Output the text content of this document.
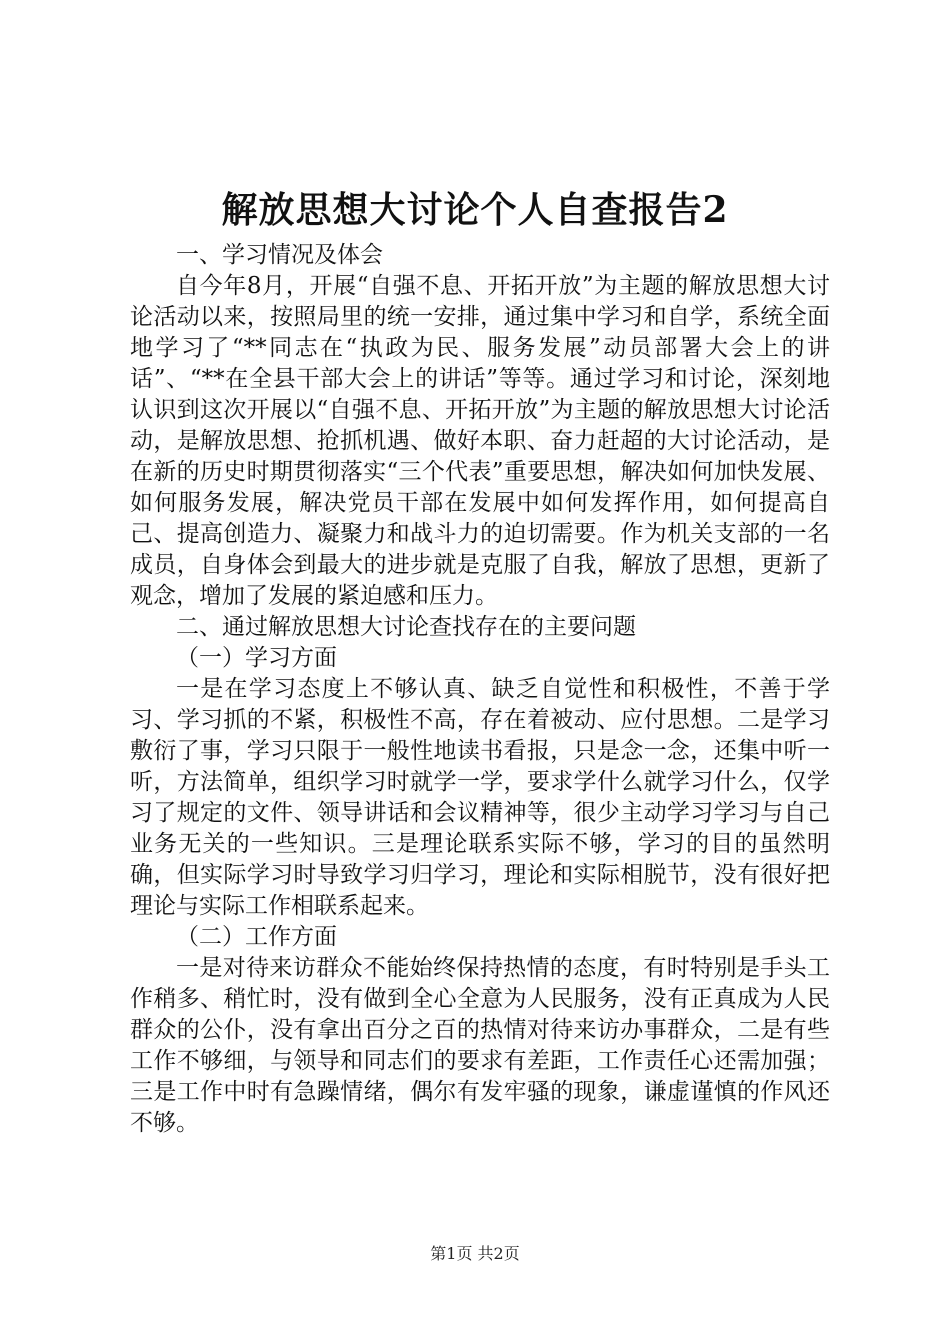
解放思想大讨论个人自查报告2

一、学习情况及体会

自今年8月，开展“自强不息、开拓开放”为主题的解放思想大讨论活动以来，按照局里的统一安排，通过集中学习和自学，系统全面地学习了“**同志在“执政为民、服务发展”动员部署大会上的讲话”、“**在全县干部大会上的讲话”等等。通过学习和讨论，深刻地认识到这次开展以“自强不息、开拓开放”为主题的解放思想大讨论活动，是解放思想、抢抓机遇、做好本职、奋力赶超的大讨论活动，是在新的历史时期贯彻落实“三个代表”重要思想，解决如何加快发展、如何服务发展，解决党员干部在发展中如何发挥作用，如何提高自己、提高创造力、凝聚力和战斗力的迫切需要。作为机关支部的一名成员，自身体会到最大的进步就是克服了自我，解放了思想，更新了观念，增加了发展的紧迫感和压力。

二、通过解放思想大讨论查找存在的主要问题

（一）学习方面

一是在学习态度上不够认真、缺乏自觉性和积极性，不善于学习、学习抓的不紧，积极性不高，存在着被动、应付思想。二是学习敷衍了事，学习只限于一般性地读书看报，只是念一念，还集中听一听，方法简单，组织学习时就学一学，要求学什么就学习什么，仅学习了规定的文件、领导讲话和会议精神等，很少主动学习学习与自己业务无关的一些知识。三是理论联系实际不够，学习的目的虽然明确，但实际学习时导致学习归学习，理论和实际相脱节，没有很好把理论与实际工作相联系起来。

（二）工作方面

一是对待来访群众不能始终保持热情的态度，有时特别是手头工作稍多、稍忙时，没有做到全心全意为人民服务，没有正真成为人民群众的公仆，没有拿出百分之百的热情对待来访办事群众，二是有些工作不够细，与领导和同志们的要求有差距，工作责任心还需加强；三是工作中时有急躁情绪，偶尔有发牢骚的现象，谦虚谨慎的作风还不够。

第1页 共2页
